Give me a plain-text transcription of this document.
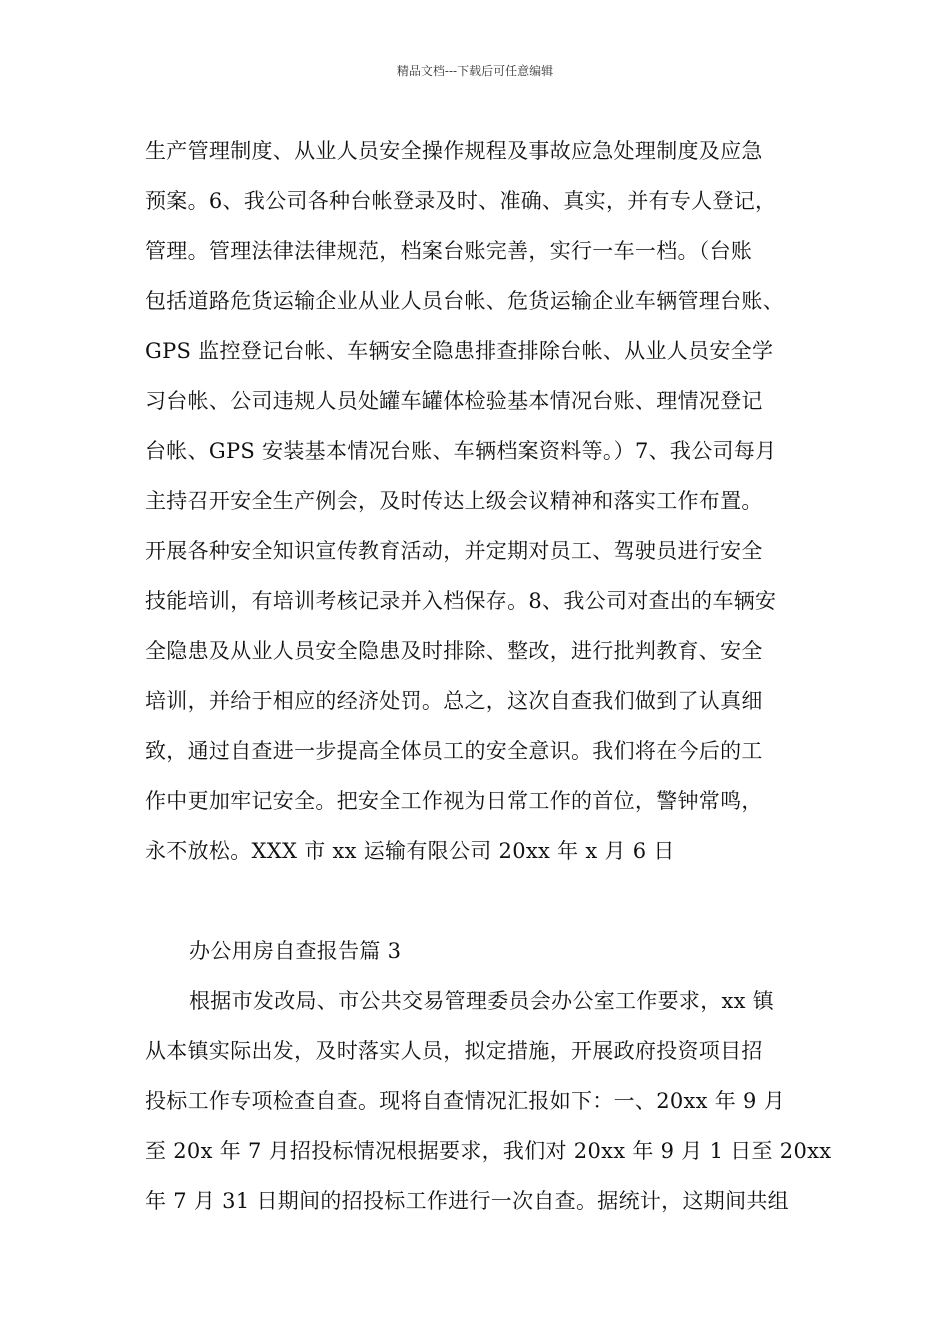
精品文档---下载后可任意编辑
生产管理制度、从业人员安全操作规程及事故应急处理制度及应急
预案。6、我公司各种台帐登录及时、准确、真实，并有专人登记，
管理。管理法律法律规范，档案台账完善，实行一车一档。（台账
包括道路危货运输企业从业人员台帐、危货运输企业车辆管理台账、
GPS 监控登记台帐、车辆安全隐患排查排除台帐、从业人员安全学
习台帐、公司违规人员处罐车罐体检验基本情况台账、理情况登记
台帐、GPS 安装基本情况台账、车辆档案资料等。）7、我公司每月
主持召开安全生产例会，及时传达上级会议精神和落实工作布置。
开展各种安全知识宣传教育活动，并定期对员工、驾驶员进行安全
技能培训，有培训考核记录并入档保存。8、我公司对查出的车辆安
全隐患及从业人员安全隐患及时排除、整改，进行批判教育、安全
培训，并给于相应的经济处罚。总之，这次自查我们做到了认真细
致，通过自查进一步提高全体员工的安全意识。我们将在今后的工
作中更加牢记安全。把安全工作视为日常工作的首位，警钟常鸣，
永不放松。XXX 市 xx 运输有限公司 20xx 年 x 月 6 日
办公用房自查报告篇 3
根据市发改局、市公共交易管理委员会办公室工作要求，xx 镇
从本镇实际出发，及时落实人员，拟定措施，开展政府投资项目招
投标工作专项检查自查。现将自查情况汇报如下：一、20xx 年 9 月
至 20x 年 7 月招投标情况根据要求，我们对 20xx 年 9 月 1 日至 20xx
年 7 月 31 日期间的招投标工作进行一次自查。据统计，这期间共组
